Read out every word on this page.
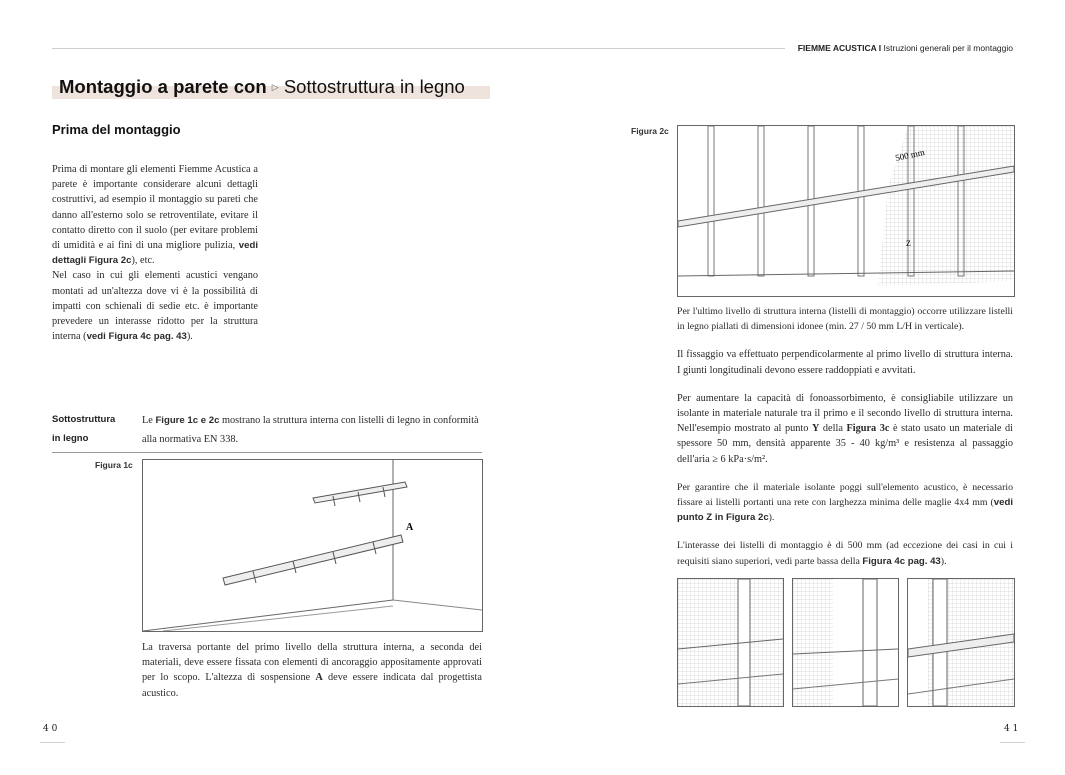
FIEMME ACUSTICA I Istruzioni generali per il montaggio
Montaggio a parete con ▷ Sottostruttura in legno
Prima del montaggio
Prima di montare gli elementi Fiemme Acustica a parete è importante considerare alcuni dettagli costruttivi, ad esempio il montaggio su pareti che danno all'esterno solo se retroventilate, evitare il contatto diretto con il suolo (per evitare problemi di umidità e ai fini di una migliore pulizia, vedi dettagli Figura 2c), etc.
Nel caso in cui gli elementi acustici vengano montati ad un'altezza dove vi è la possibilità di impatti con schienali di sedie etc. è importante prevedere un interasse ridotto per la struttura interna (vedi Figura 4c pag. 43).
Sottostruttura
in legno
Le Figure 1c e 2c mostrano la struttura interna con listelli di legno in conformità alla normativa EN 338.
Figura 1c
A
La traversa portante del primo livello della struttura interna, a seconda dei materiali, deve essere fissata con elementi di ancoraggio appositamente approvati per lo scopo. L'altezza di sospensione A deve essere indicata dal progettista acustico.
4 0
Figura 2c
500 mm
Z

Per l'ultimo livello di struttura interna (listelli di montaggio) occorre utilizzare listelli in legno piallati di dimensioni idonee (min. 27 / 50 mm L/H in verticale).

Il fissaggio va effettuato perpendicolarmente al primo livello di struttura interna. I giunti longitudinali devono essere raddoppiati e avvitati.

Per aumentare la capacità di fonoassorbimento, è consigliabile utilizzare un isolante in materiale naturale tra il primo e il secondo livello di struttura interna. Nell'esempio mostrato al punto Y della Figura 3c è stato usato un materiale di spessore 50 mm, densità apparente 35 - 40 kg/m³ e resistenza al passaggio dell'aria ≥ 6 kPa·s/m².

Per garantire che il materiale isolante poggi sull'elemento acustico, è necessario fissare ai listelli portanti una rete con larghezza minima delle maglie 4x4 mm (vedi punto Z in Figura 2c).

L'interasse dei listelli di montaggio è di 500 mm (ad eccezione dei casi in cui i requisiti siano superiori, vedi parte bassa della Figura 4c pag. 43).

4 1
